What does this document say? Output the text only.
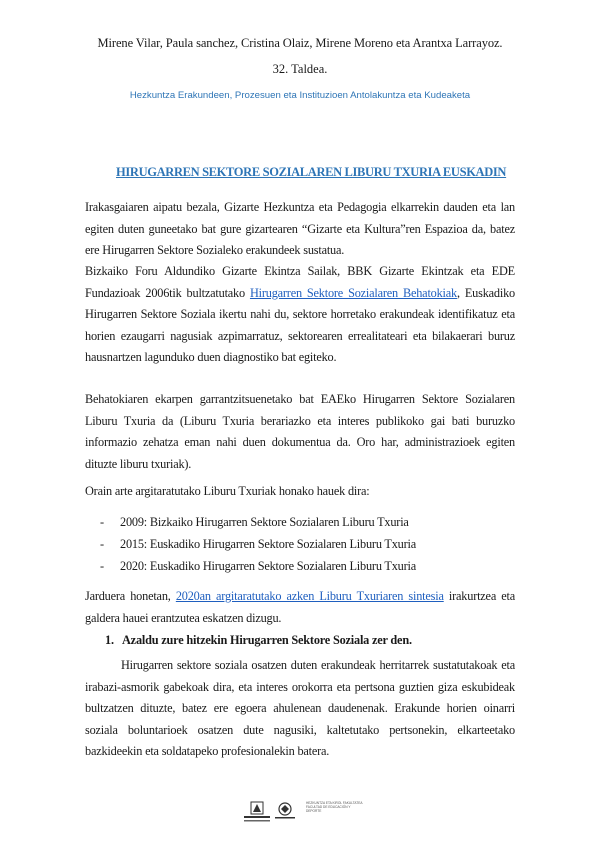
Mirene Vilar, Paula sanchez, Cristina Olaiz, Mirene Moreno eta Arantxa Larrayoz.
32. Taldea.
Hezkuntza Erakundeen, Prozesuen eta Instituzioen Antolakuntza eta Kudeaketa
HIRUGARREN SEKTORE SOZIALAREN LIBURU TXURIA EUSKADIN

Irakasgaiaren aipatu bezala, Gizarte Hezkuntza eta Pedagogia elkarrekin dauden eta lan egiten duten guneetako bat gure gizartearen “Gizarte eta Kultura”ren Espazioa da, batez ere Hirugarren Sektore Sozialeko erakundeek sustatua.

Bizkaiko Foru Aldundiko Gizarte Ekintza Sailak, BBK Gizarte Ekintzak eta EDE Fundazioak 2006tik bultzatutako Hirugarren Sektore Sozialaren Behatokiak, Euskadiko Hirugarren Sektore Soziala ikertu nahi du, sektore horretako erakundeak identifikatuz eta horien ezaugarri nagusiak azpimarratuz, sektorearen errealitateari eta bilakaerari buruz hausnartzen lagunduko duen diagnostiko bat egiteko.

Behatokiaren ekarpen garrantzitsuenetako bat EAEko Hirugarren Sektore Sozialaren Liburu Txuria da (Liburu Txuria berariazko eta interes publikoko gai bati buruzko informazio zehatza eman nahi duen dokumentua da. Oro har, administrazioek egiten dituzte liburu txuriak).

Orain arte argitaratutako Liburu Txuriak honako hauek dira:

- 2009: Bizkaiko Hirugarren Sektore Sozialaren Liburu Txuria
- 2015: Euskadiko Hirugarren Sektore Sozialaren Liburu Txuria
- 2020: Euskadiko Hirugarren Sektore Sozialaren Liburu Txuria

Jarduera honetan, 2020an argitaratutako azken Liburu Txuriaren sintesia irakurtzea eta galdera hauei erantzutea eskatzen dizugu.

1. Azaldu zure hitzekin Hirugarren Sektore Soziala zer den.

Hirugarren sektore soziala osatzen duten erakundeak herritarrek sustatutakoak eta irabazi-asmorik gabekoak dira, eta interes orokorra eta pertsona guztien giza eskubideak bultzatzen dituzte, batez ere egoera ahulenean daudenenak. Erakunde horien oinarri soziala boluntarioek osatzen dute nagusiki, kaltetutako pertsonekin, elkarteetako bazkideekin eta soldatapeko profesionalekin batera.

HEZKUNTZA ETA KIROL FAKULTATEA FACULTAD DE EDUCACIÓN Y DEPORTE
